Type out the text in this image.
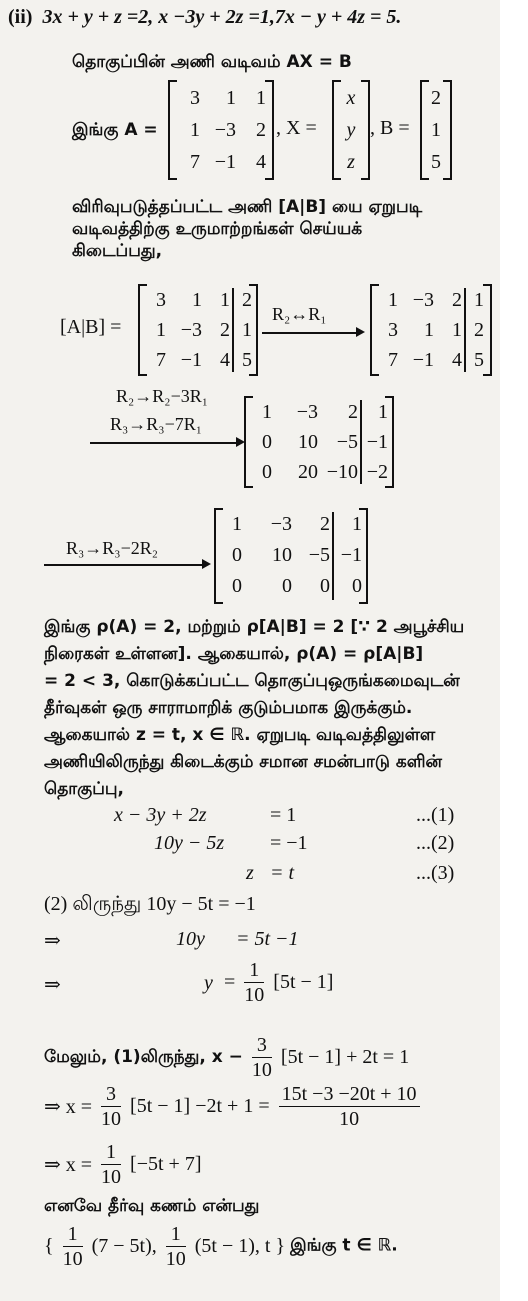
(ii) 3x + y + z =2, x −3y + 2z =1,7x − y + 4z = 5.
தொகுப்பின் அணி வடிவம் AX = B
இங்கு A =
3 1 1
1 −3 2
7 −1 4
, X =
x
y
z
, B =
2
1
5
விரிவுபடுத்தப்பட்ட அணி [A|B] யை ஏறுபடி
வடிவத்திற்கு உருமாற்றங்கள் செய்யக்
கிடைப்பது,
[A|B] =
3 1 1 2
1 −3 2 1
7 −1 4 5
R₂↔R₁
1 −3 2 1
3 1 1 2
7 −1 4 5
R₂→R₂−3R₁
R₃→R₃−7R₁
1 −3 2 1
0 10 −5 −1
0 20 −10 −2
R₃→R₃−2R₂
1 −3 2 1
0 10 −5 −1
0 0 0 0
இங்கு ρ(A) = 2, மற்றும் ρ[A|B] = 2 [∵ 2 அபூச்சிய
நிரைகள் உள்ளன]. ஆகையால், ρ(A) = ρ[A|B]
= 2 < 3, கொடுக்கப்பட்ட தொகுப்புஒருங்கமைவுடன்
தீர்வுகள் ஒரு சாராமாறிக் குடும்பமாக இருக்கும்.
ஆகையால் z = t, x ∈ ℝ. ஏறுபடி வடிவத்திலுள்ள
அணியிலிருந்து கிடைக்கும் சமான சமன்பாடு களின்
தொகுப்பு,
x − 3y + 2z	= 1	...(1)
10y − 5z = −1	...(2)
z = t	...(3)
(2) லிருந்து 10y − 5t = −1
⇒	10y = 5t −1
⇒	$y = \frac{1}{10} [5t - 1]$
மேலும், (1)லிருந்து, $x - \frac{3}{10} [5t - 1] + 2t = 1$
⇒ $x = \frac{3}{10} [5t - 1] -2t + 1 = \frac{15t -3 -20t + 10}{10}$
⇒ $x = \frac{1}{10} [-5t + 7]$
எனவே தீர்வு கணம் என்பது
{ $\frac{1}{10} (7 - 5t)$, $\frac{1}{10} (5t - 1)$, t } இங்கு t ∈ ℝ.
